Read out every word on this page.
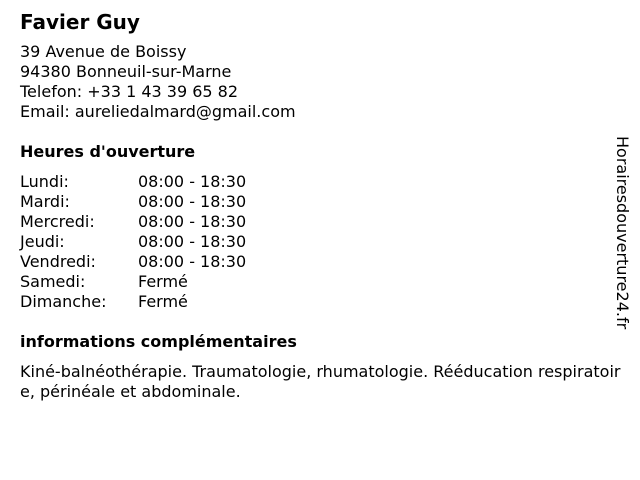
Favier Guy
39 Avenue de Boissy
94380 Bonneuil-sur-Marne
Telefon: +33 1 43 39 65 82
Email: aureliedalmard@gmail.com
Heures d'ouverture
Lundi:	08:00 - 18:30
Mardi:	08:00 - 18:30
Mercredi:	08:00 - 18:30
Jeudi:	08:00 - 18:30
Vendredi:	08:00 - 18:30
Samedi:	Fermé
Dimanche: Fermé
informations complémentaires
Kiné-balnéothérapie. Traumatologie, rhumatologie. Rééducation respiratoire, périnéale et abdominale.
Horairesdouverture24.fr
